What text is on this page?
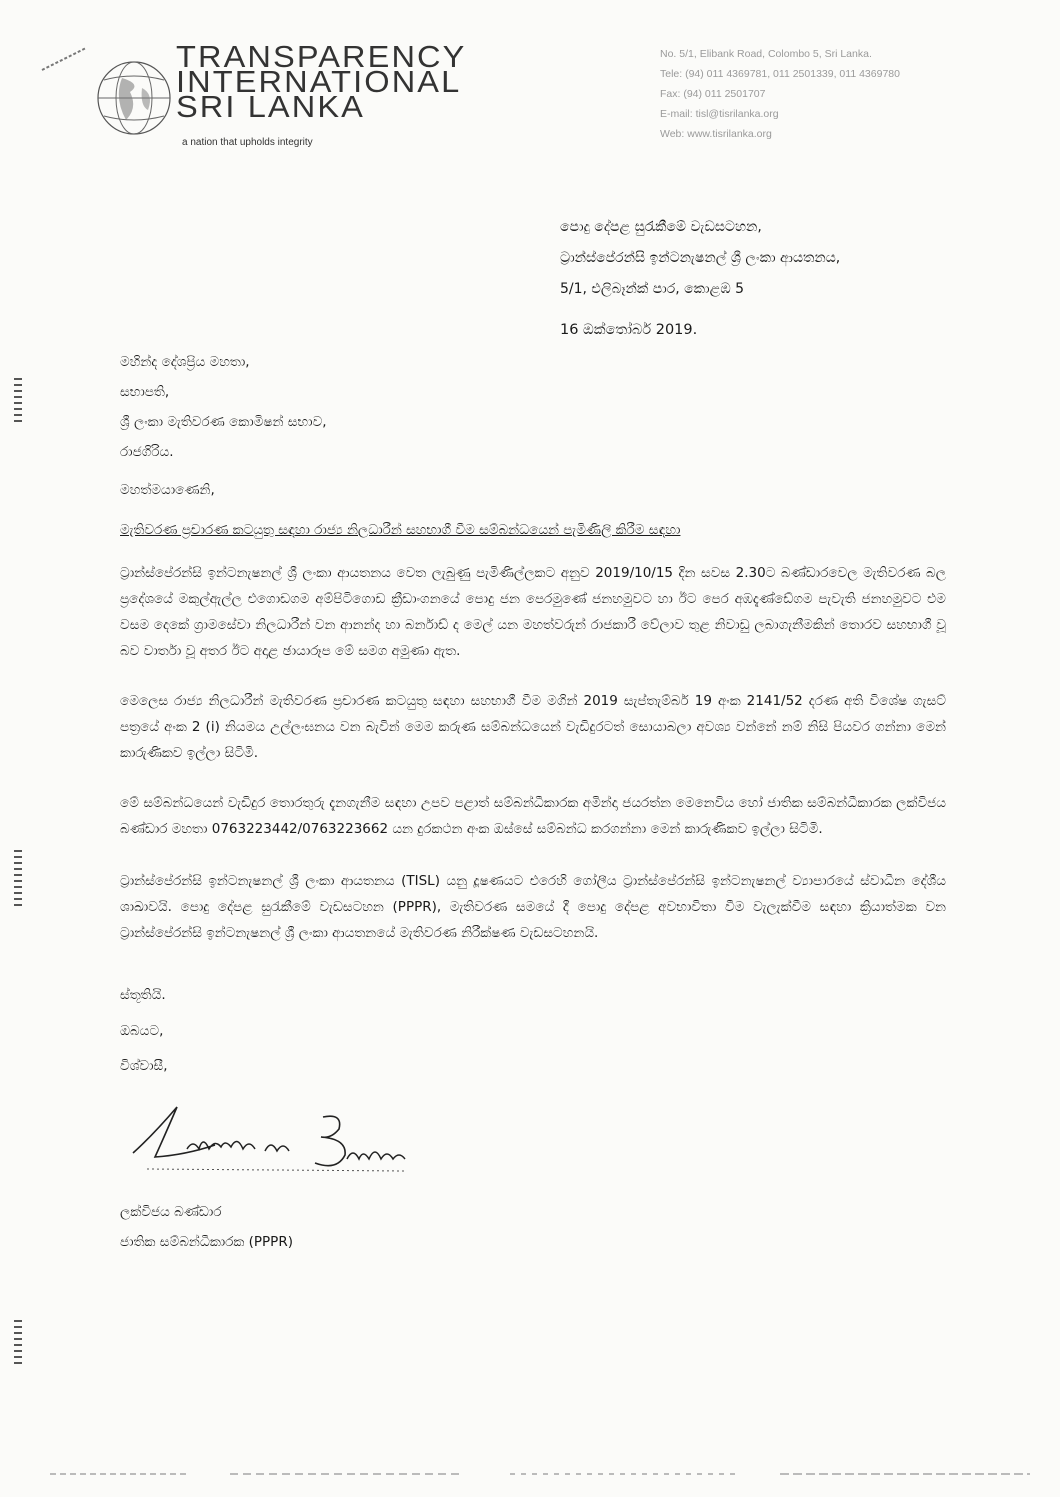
TRANSPARENCY
INTERNATIONAL
SRI LANKA
a nation that upholds integrity
No. 5/1, Elibank Road, Colombo 5, Sri Lanka.
Tele: (94) 011 4369781, 011 2501339, 011 4369780
Fax: (94) 011 2501707
E-mail: tisl@tisrilanka.org
Web: www.tisrilanka.org
පොදු දේපළ සුරැකීමේ වැඩසටහන,
ට්‍රාන්ස්පේරන්සි ඉන්ටනැෂනල් ශ්‍රී ලංකා ආයතනය,
5/1, එලිබෑන්ක් පාර, කොළඹ 5
16 ඔක්තෝබර් 2019.
මහින්ද දේශප්‍රිය මහතා,
සභාපති,
ශ්‍රී ලංකා මැතිවරණ කොමිෂන් සභාව,
රාජගිරිය.
මහත්මයාණෙනි,
මැතිවරණ ප්‍රචාරණ කටයුතු සඳහා රාජ්‍ය නිලධාරීන් සහභාගී වීම සම්බන්ධයෙන් පැමිණිලි කිරීම සඳහා
ට්‍රාන්ස්පේරන්සි ඉන්ටනැෂනල් ශ්‍රී ලංකා ආයතනය වෙත ලැබුණු පැමිණිල්ලකට අනුව 2019/10/15 දින සවස 2.30ට බණ්ඩාරවෙල මැතිවරණ බල ප්‍රදේශයේ මකුල්ඇල්ල එගොඩගම අම්පිටිගොඩ ක්‍රීඩාංගනයේ පොදු ජන පෙරමුණේ ජනහමුවට හා ඊට පෙර අඹදැණ්ඩේගම පැවැති ජනහමුවට එම වසම දෙකේ ග්‍රාමසේවා නිලධාරීන් වන ආනන්ද හා බර්නාඩ් ද මෙල් යන මහත්වරුන් රාජකාරී වේලාව තුළ නිවාඩු ලබාගැනීමකින් තොරව සහභාගී වූ බව වාර්තා වූ අතර ඊට අදාළ ඡායාරූප මේ සමග අමුණා ඇත.
මෙලෙස රාජ්‍ය නිලධාරීන් මැතිවරණ ප්‍රචාරණ කටයුතු සඳහා සහභාගී වීම මගින් 2019 සැප්තැම්බර් 19 අංක 2141/52 දරණ අති විශේෂ ගැසට් පත්‍රයේ අංක 2 (i) නියමය උල්ලංඝනය වන බැවින් මෙම කරුණ සම්බන්ධයෙන් වැඩිදුරටත් සොයාබලා අවශ්‍ය වන්නේ නම් නිසි පියවර ගන්නා මෙන් කාරුණිකව ඉල්ලා සිටිමි.
මේ සම්බන්ධයෙන් වැඩිදුර තොරතුරු දැනගැනීම සඳහා උපව පළාත් සම්බන්ධීකාරක අමින්දා ජයරත්න මෙනෙවිය හෝ ජාතික සම්බන්ධීකාරක ලක්විජය බණ්ඩාර මහතා 0763223442/0763223662 යන දුරකථන අංක ඔස්සේ සම්බන්ධ කරගන්නා මෙන් කාරුණිකව ඉල්ලා සිටිමි.
ට්‍රාන්ස්පේරන්සි ඉන්ටනැෂනල් ශ්‍රී ලංකා ආයතනය (TISL) යනු දූෂණයට එරෙහි ගෝලීය ට්‍රාන්ස්පේරන්සි ඉන්ටනැෂනල් ව්‍යාපාරයේ ස්වාධීන දේශීය ශාඛාවයි. පොදු දේපළ සුරැකීමේ වැඩසටහන (PPPR), මැතිවරණ සමයේ දී පොදු දේපළ අවභාවිතා වීම වැලැක්වීම සඳහා ක්‍රියාත්මක වන ට්‍රාන්ස්පේරන්සි ඉන්ටනැෂනල් ශ්‍රී ලංකා ආයතනයේ මැතිවරණ නිරීක්ෂණ වැඩසටහනයි.
ස්තූතියි.
ඔබයට,
විශ්වාසී,
ලක්විජය බණ්ඩාර
ජාතික සම්බන්ධීකාරක (PPPR)
